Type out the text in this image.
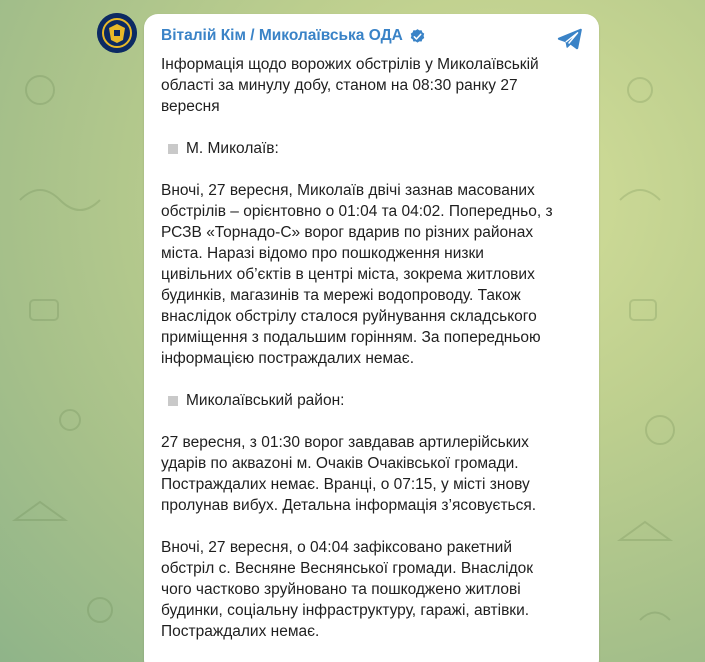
Віталій Кім / Миколаївська ОДА

Інформація щодо ворожих обстрілів у Миколаївській

області за минулу добу, станом на 08:30 ранку 27

вересня

М. Миколаїв:

Вночі, 27 вересня, Миколаїв двічі зазнав масованих

обстрілів – орієнтовно о 01:04 та 04:02. Попередньо, з

РСЗВ «Торнадо-С» ворог вдарив по різних районах

міста. Наразі відомо про пошкодження низки

цивільних об’єктів в центрі міста, зокрема житлових

будинків, магазинів та мережі водопроводу. Також

внаслідок обстрілу сталося руйнування складського

приміщення з подальшим горінням. За попередньою

інформацією постраждалих немає.

Миколаївський район:

27 вересня, з 01:30 ворог завдавав артилерійських

ударів по акваzоні м. Очаків Очаківської громади.

Постраждалих немає. Вранці, о 07:15, у місті знову

пролунав вибух. Детальна інформація з’ясовується.

Вночі, 27 вересня, о 04:04 зафіксовано ракетний

обстріл с. Весняне Веснянської громади. Внаслідок

чого частково зруйновано та пошкоджено житлові

будинки, соціальну інфраструктуру, гаражі, автівки.

Постраждалих немає.
